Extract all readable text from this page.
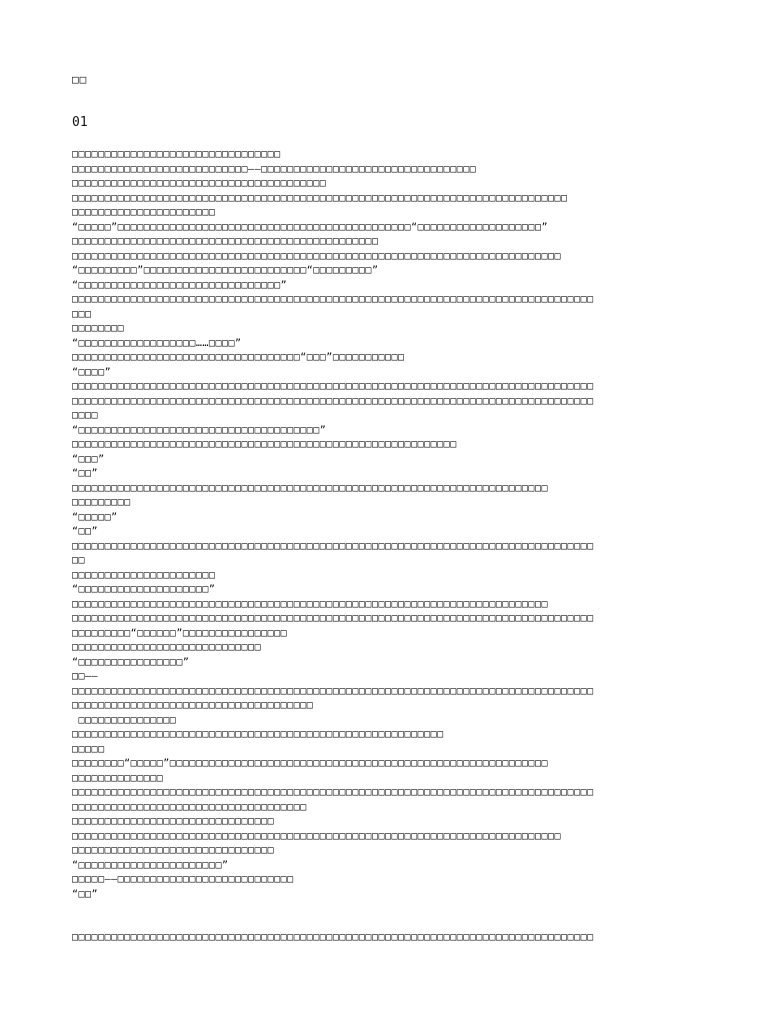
□□
01
□□□□□□□□□□□□□□□□□□□□□□□□□□□□□□□□
□□□□□□□□□□□□□□□□□□□□□□□□□□□——□□□□□□□□□□□□□□□□□□□□□□□□□□□□□□□□□
□□□□□□□□□□□□□□□□□□□□□□□□□□□□□□□□□□□□□□□
□□□□□□□□□□□□□□□□□□□□□□□□□□□□□□□□□□□□□□□□□□□□□□□□□□□□□□□□□□□□□□□□□□□□□□□□□□□□
□□□□□□□□□□□□□□□□□□□□□□
“□□□□□”□□□□□□□□□□□□□□□□□□□□□□□□□□□□□□□□□□□□□□□□□□□□□“□□□□□□□□□□□□□□□□□□□”
□□□□□□□□□□□□□□□□□□□□□□□□□□□□□□□□□□□□□□□□□□□□□□□
□□□□□□□□□□□□□□□□□□□□□□□□□□□□□□□□□□□□□□□□□□□□□□□□□□□□□□□□□□□□□□□□□□□□□□□□□□□
“□□□□□□□□□”□□□□□□□□□□□□□□□□□□□□□□□□□“□□□□□□□□□”
“□□□□□□□□□□□□□□□□□□□□□□□□□□□□□□□”
□□□□□□□□□□□□□□□□□□□□□□□□□□□□□□□□□□□□□□□□□□□□□□□□□□□□□□□□□□□□□□□□□□□□□□□□□□□□□□□□
□□□
□□□□□□□□
“□□□□□□□□□□□□□□□□□□……□□□□”
□□□□□□□□□□□□□□□□□□□□□□□□□□□□□□□□□□□“□□□”□□□□□□□□□□□
“□□□□”
□□□□□□□□□□□□□□□□□□□□□□□□□□□□□□□□□□□□□□□□□□□□□□□□□□□□□□□□□□□□□□□□□□□□□□□□□□□□□□□□
□□□□□□□□□□□□□□□□□□□□□□□□□□□□□□□□□□□□□□□□□□□□□□□□□□□□□□□□□□□□□□□□□□□□□□□□□□□□□□□□
□□□□
“□□□□□□□□□□□□□□□□□□□□□□□□□□□□□□□□□□□□□”
□□□□□□□□□□□□□□□□□□□□□□□□□□□□□□□□□□□□□□□□□□□□□□□□□□□□□□□□□□□
“□□□”
“□□”
□□□□□□□□□□□□□□□□□□□□□□□□□□□□□□□□□□□□□□□□□□□□□□□□□□□□□□□□□□□□□□□□□□□□□□□□□
□□□□□□□□□
“□□□□□”
“□□”
□□□□□□□□□□□□□□□□□□□□□□□□□□□□□□□□□□□□□□□□□□□□□□□□□□□□□□□□□□□□□□□□□□□□□□□□□□□□□□□□
□□
□□□□□□□□□□□□□□□□□□□□□□
“□□□□□□□□□□□□□□□□□□□□”
□□□□□□□□□□□□□□□□□□□□□□□□□□□□□□□□□□□□□□□□□□□□□□□□□□□□□□□□□□□□□□□□□□□□□□□□□
□□□□□□□□□□□□□□□□□□□□□□□□□□□□□□□□□□□□□□□□□□□□□□□□□□□□□□□□□□□□□□□□□□□□□□□□□□□□□□□□
□□□□□□□□□“□□□□□□”□□□□□□□□□□□□□□□□
□□□□□□□□□□□□□□□□□□□□□□□□□□□□□
“□□□□□□□□□□□□□□□□”
□□——
□□□□□□□□□□□□□□□□□□□□□□□□□□□□□□□□□□□□□□□□□□□□□□□□□□□□□□□□□□□□□□□□□□□□□□□□□□□□□□□□
□□□□□□□□□□□□□□□□□□□□□□□□□□□□□□□□□□□□□
□□□□□□□□□□□□□□□
□□□□□□□□□□□□□□□□□□□□□□□□□□□□□□□□□□□□□□□□□□□□□□□□□□□□□□□□□
□□□□□
□□□□□□□□“□□□□□”□□□□□□□□□□□□□□□□□□□□□□□□□□□□□□□□□□□□□□□□□□□□□□□□□□□□□□□□□□
□□□□□□□□□□□□□□
□□□□□□□□□□□□□□□□□□□□□□□□□□□□□□□□□□□□□□□□□□□□□□□□□□□□□□□□□□□□□□□□□□□□□□□□□□□□□□□□
□□□□□□□□□□□□□□□□□□□□□□□□□□□□□□□□□□□□
□□□□□□□□□□□□□□□□□□□□□□□□□□□□□□□
□□□□□□□□□□□□□□□□□□□□□□□□□□□□□□□□□□□□□□□□□□□□□□□□□□□□□□□□□□□□□□□□□□□□□□□□□□□
□□□□□□□□□□□□□□□□□□□□□□□□□□□□□□□
“□□□□□□□□□□□□□□□□□□□□□□”
□□□□□——□□□□□□□□□□□□□□□□□□□□□□□□□□□
“□□”
□□□□□□□□□□□□□□□□□□□□□□□□□□□□□□□□□□□□□□□□□□□□□□□□□□□□□□□□□□□□□□□□□□□□□□□□□□□□□□□□
